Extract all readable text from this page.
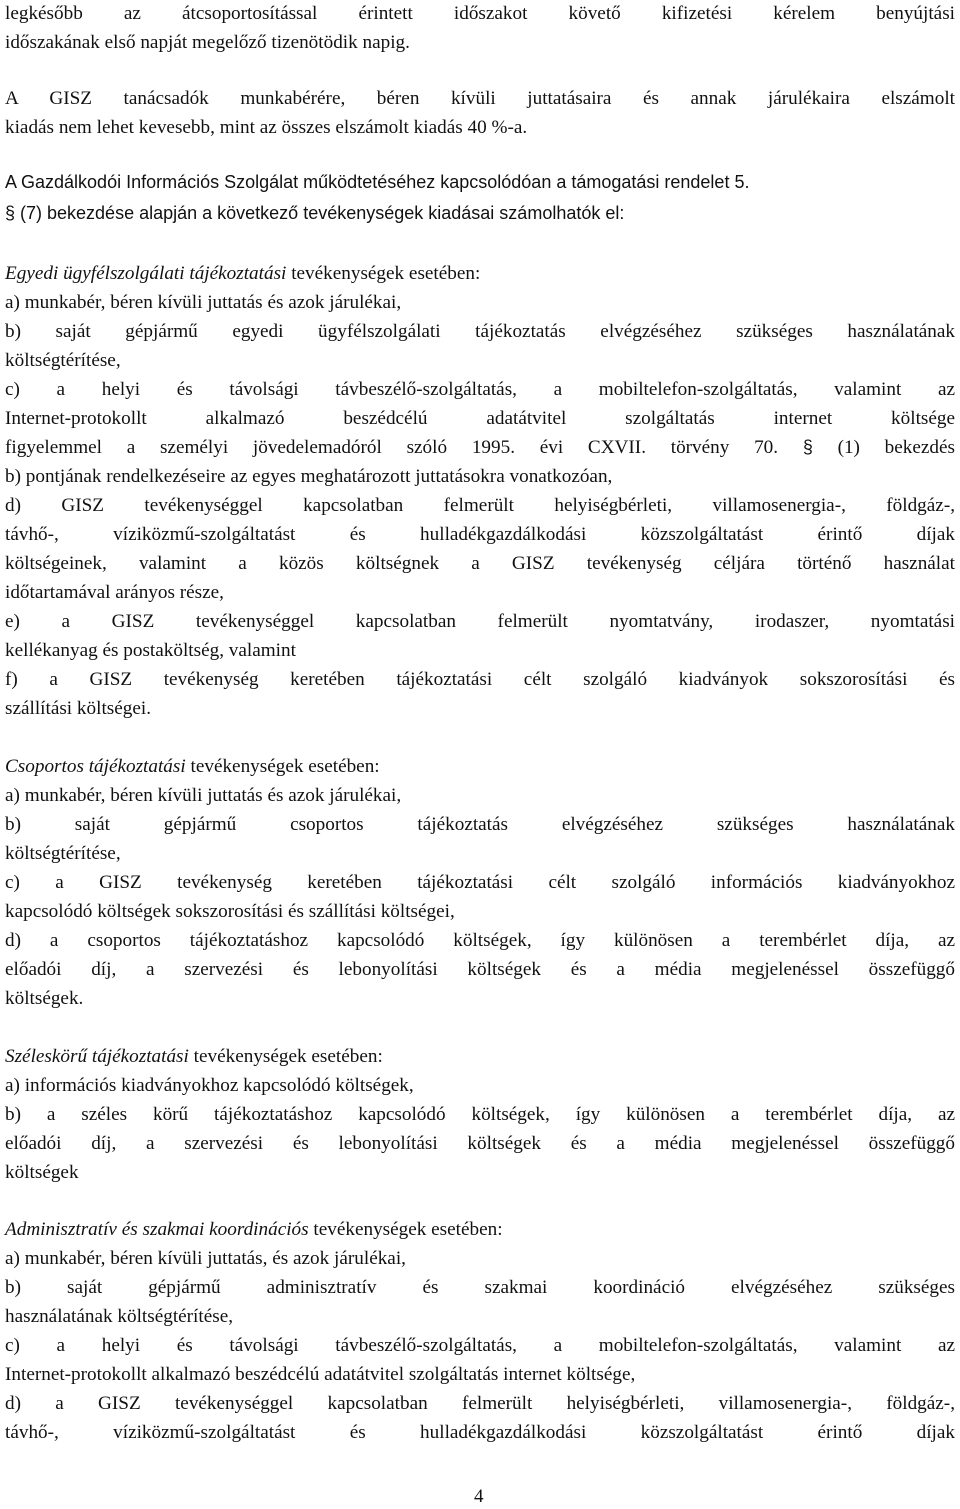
legkésőbb az átcsoportosítással érintett időszakot követő kifizetési kérelem benyújtási
időszakának első napját megelőző tizenötödik napig.
A GISZ tanácsadók munkabérére, béren kívüli juttatásaira és annak járulékaira elszámolt
kiadás nem lehet kevesebb, mint az összes elszámolt kiadás 40 %-a.
A Gazdálkodói Információs Szolgálat működtetéséhez kapcsolódóan a támogatási rendelet 5.
§ (7) bekezdése alapján a következő tevékenységek kiadásai számolhatók el:
Egyedi ügyfélszolgálati tájékoztatási tevékenységek esetében:
a) munkabér, béren kívüli juttatás és azok járulékai,
b) saját gépjármű egyedi ügyfélszolgálati tájékoztatás elvégzéséhez szükséges használatának
költségtérítése,
c) a helyi és távolsági távbeszélő-szolgáltatás, a mobiltelefon-szolgáltatás, valamint az
Internet-protokollt alkalmazó beszédcélú adatátvitel szolgáltatás internet költsége
figyelemmel a személyi jövedelemadóról szóló 1995. évi CXVII. törvény 70. § (1) bekezdés
b) pontjának rendelkezéseire az egyes meghatározott juttatásokra vonatkozóan,
d) GISZ tevékenységgel kapcsolatban felmerült helyiségbérleti, villamosenergia-, földgáz-,
távhő-, víziközmű-szolgáltatást és hulladékgazdálkodási közszolgáltatást érintő díjak
költségeinek, valamint a közös költségnek a GISZ tevékenység céljára történő használat
időtartamával arányos része,
e) a GISZ tevékenységgel kapcsolatban felmerült nyomtatvány, irodaszer, nyomtatási
kellékanyag és postaköltség, valamint
f) a GISZ tevékenység keretében tájékoztatási célt szolgáló kiadványok sokszorosítási és
szállítási költségei.
Csoportos tájékoztatási tevékenységek esetében:
a) munkabér, béren kívüli juttatás és azok járulékai,
b) saját gépjármű csoportos tájékoztatás elvégzéséhez szükséges használatának
költségtérítése,
c) a GISZ tevékenység keretében tájékoztatási célt szolgáló információs kiadványokhoz
kapcsolódó költségek sokszorosítási és szállítási költségei,
d) a csoportos tájékoztatáshoz kapcsolódó költségek, így különösen a terembérlet díja, az
előadói díj, a szervezési és lebonyolítási költségek és a média megjelenéssel összefüggő
költségek.
Széleskörű tájékoztatási tevékenységek esetében:
a) információs kiadványokhoz kapcsolódó költségek,
b) a széles körű tájékoztatáshoz kapcsolódó költségek, így különösen a terembérlet díja, az
előadói díj, a szervezési és lebonyolítási költségek és a média megjelenéssel összefüggő
költségek
Adminisztratív és szakmai koordinációs tevékenységek esetében:
a) munkabér, béren kívüli juttatás, és azok járulékai,
b) saját gépjármű adminisztratív és szakmai koordináció elvégzéséhez szükséges
használatának költségtérítése,
c) a helyi és távolsági távbeszélő-szolgáltatás, a mobiltelefon-szolgáltatás, valamint az
Internet-protokollt alkalmazó beszédcélú adatátvitel szolgáltatás internet költsége,
d) a GISZ tevékenységgel kapcsolatban felmerült helyiségbérleti, villamosenergia-, földgáz-,
távhő-, víziközmű-szolgáltatást és hulladékgazdálkodási közszolgáltatást érintő díjak
4
